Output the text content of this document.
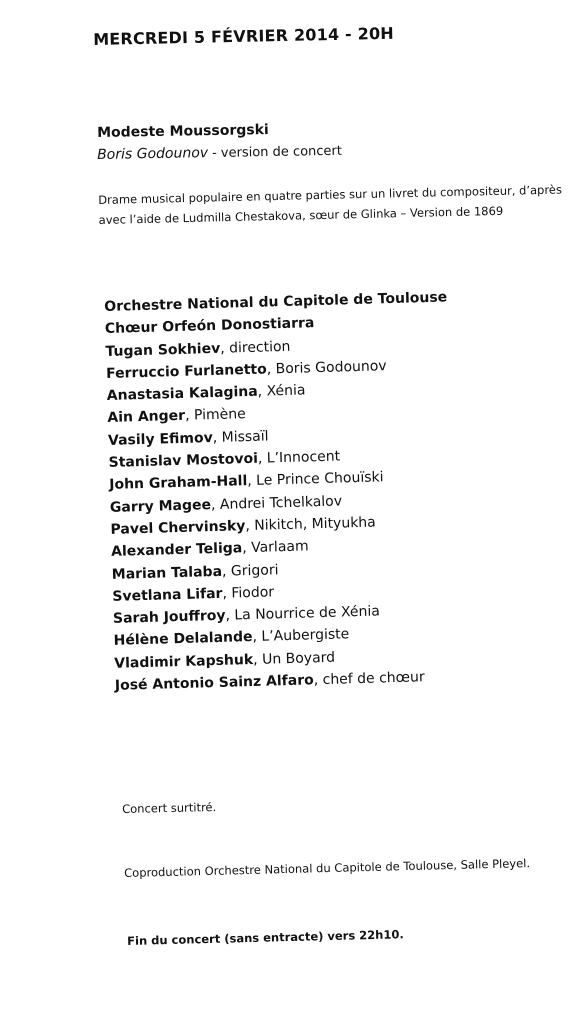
MERCREDI 5 FÉVRIER 2014 - 20H
Modeste Moussorgski
Boris Godounov - version de concert
Drame musical populaire en quatre parties sur un livret du compositeur, d’après
avec l’aide de Ludmilla Chestakova, sœur de Glinka – Version de 1869
Orchestre National du Capitole de Toulouse
Chœur Orfeón Donostiarra
Tugan Sokhiev, direction
Ferruccio Furlanetto, Boris Godounov
Anastasia Kalagina, Xénia
Ain Anger, Pimène
Vasily Efimov, Missaïl
Stanislav Mostovoi, L’Innocent
John Graham-Hall, Le Prince Chouïski
Garry Magee, Andrei Tchelkalov
Pavel Chervinsky, Nikitch, Mityukha
Alexander Teliga, Varlaam
Marian Talaba, Grigori
Svetlana Lifar, Fiodor
Sarah Jouffroy, La Nourrice de Xénia
Hélène Delalande, L’Aubergiste
Vladimir Kapshuk, Un Boyard
José Antonio Sainz Alfaro, chef de chœur
Concert surtitré.
Coproduction Orchestre National du Capitole de Toulouse, Salle Pleyel.
Fin du concert (sans entracte) vers 22h10.
